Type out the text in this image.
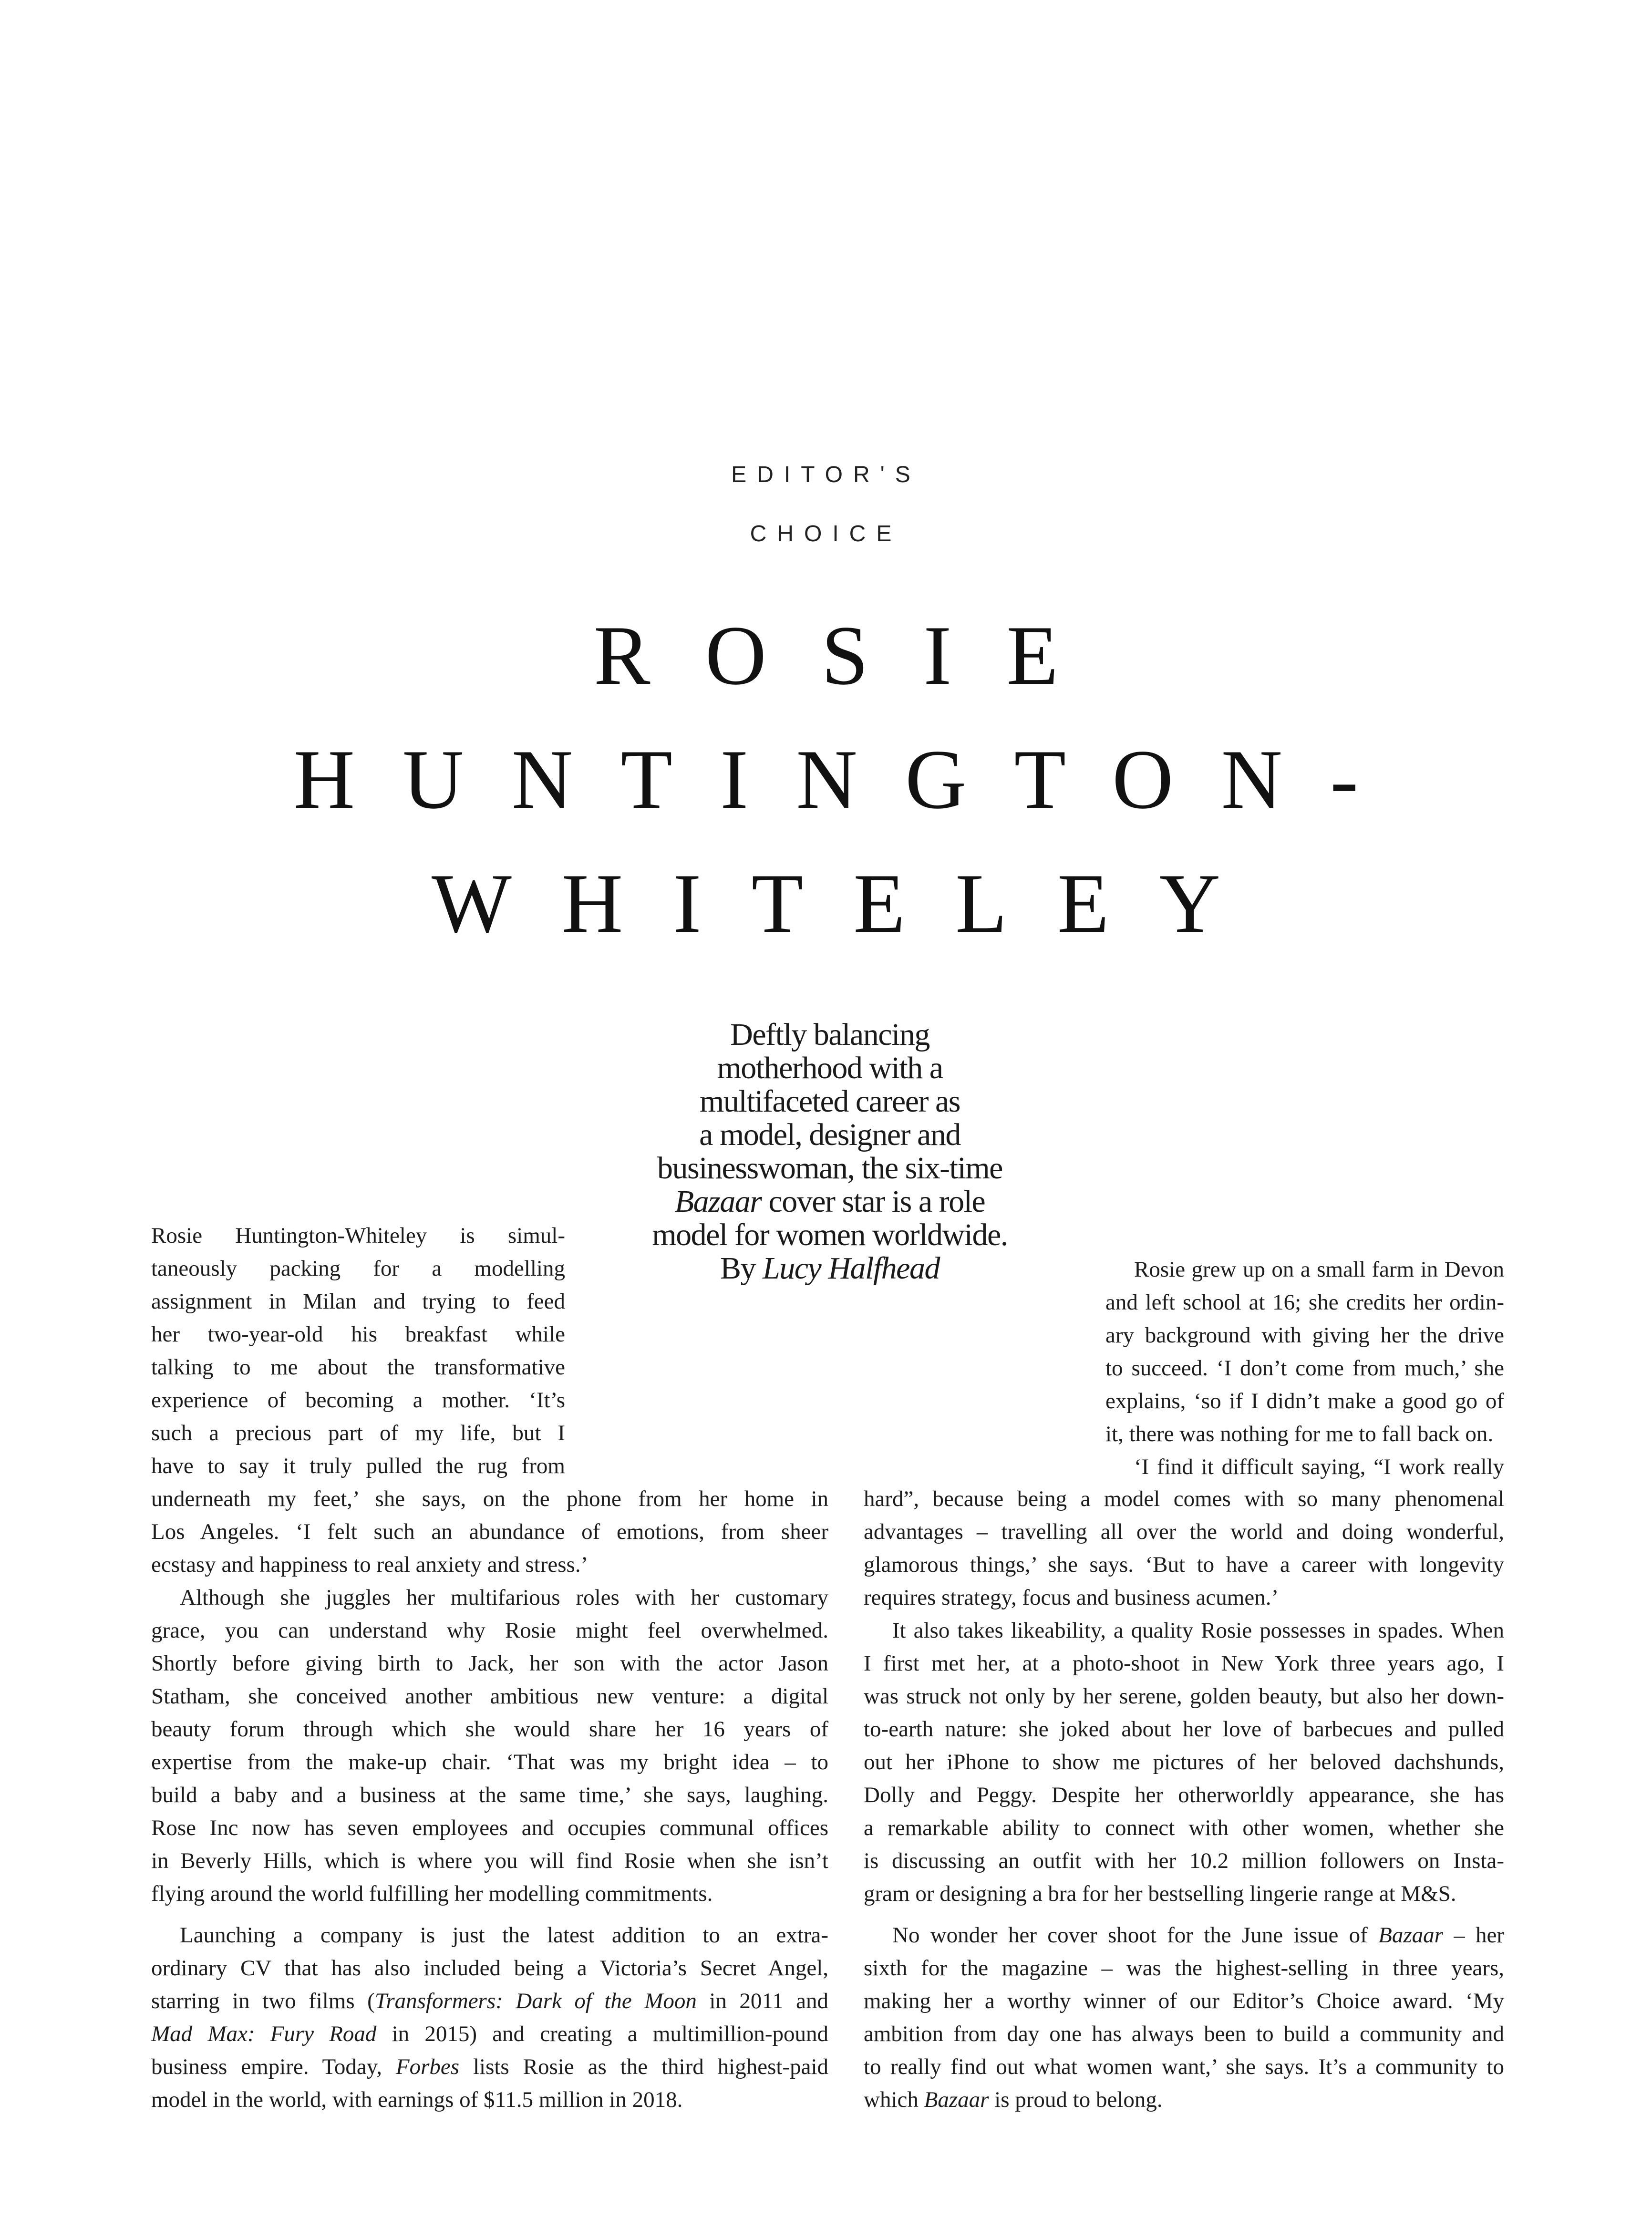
EDITOR'S
CHOICE
ROSIE
HUNTINGTON-
WHITELEY
Deftly balancing
motherhood with a
multifaceted career as
a model, designer and
businesswoman, the six-time
Bazaar cover star is a role
model for women worldwide.
By Lucy Halfhead
Rosie Huntington-Whiteley is simul-
taneously packing for a modelling
assignment in Milan and trying to feed
her two-year-old his breakfast while
talking to me about the transformative
experience of becoming a mother. ‘It’s
such a precious part of my life, but I
have to say it truly pulled the rug from
underneath my feet,’ she says, on the phone from her home in
Los Angeles. ‘I felt such an abundance of emotions, from sheer
ecstasy and happiness to real anxiety and stress.’
Although she juggles her multifarious roles with her customary
grace, you can understand why Rosie might feel overwhelmed.
Shortly before giving birth to Jack, her son with the actor Jason
Statham, she conceived another ambitious new venture: a digital
beauty forum through which she would share her 16 years of
expertise from the make-up chair. ‘That was my bright idea – to
build a baby and a business at the same time,’ she says, laughing.
Rose Inc now has seven employees and occupies communal offices
in Beverly Hills, which is where you will find Rosie when she isn’t
flying around the world fulfilling her modelling commitments.
Launching a company is just the latest addition to an extra-
ordinary CV that has also included being a Victoria’s Secret Angel,
starring in two films (Transformers: Dark of the Moon in 2011 and
Mad Max: Fury Road in 2015) and creating a multimillion-pound
business empire. Today, Forbes lists Rosie as the third highest-paid
model in the world, with earnings of $11.5 million in 2018.
Rosie grew up on a small farm in Devon
and left school at 16; she credits her ordin-
ary background with giving her the drive
to succeed. ‘I don’t come from much,’ she
explains, ‘so if I didn’t make a good go of
it, there was nothing for me to fall back on.
‘I find it difficult saying, “I work really
hard”, because being a model comes with so many phenomenal
advantages – travelling all over the world and doing wonderful,
glamorous things,’ she says. ‘But to have a career with longevity
requires strategy, focus and business acumen.’
It also takes likeability, a quality Rosie possesses in spades. When
I first met her, at a photo-shoot in New York three years ago, I
was struck not only by her serene, golden beauty, but also her down-
to-earth nature: she joked about her love of barbecues and pulled
out her iPhone to show me pictures of her beloved dachshunds,
Dolly and Peggy. Despite her otherworldly appearance, she has
a remarkable ability to connect with other women, whether she
is discussing an outfit with her 10.2 million followers on Insta-
gram or designing a bra for her bestselling lingerie range at M&S.
No wonder her cover shoot for the June issue of Bazaar – her
sixth for the magazine – was the highest-selling in three years,
making her a worthy winner of our Editor’s Choice award. ‘My
ambition from day one has always been to build a community and
to really find out what women want,’ she says. It’s a community to
which Bazaar is proud to belong.
